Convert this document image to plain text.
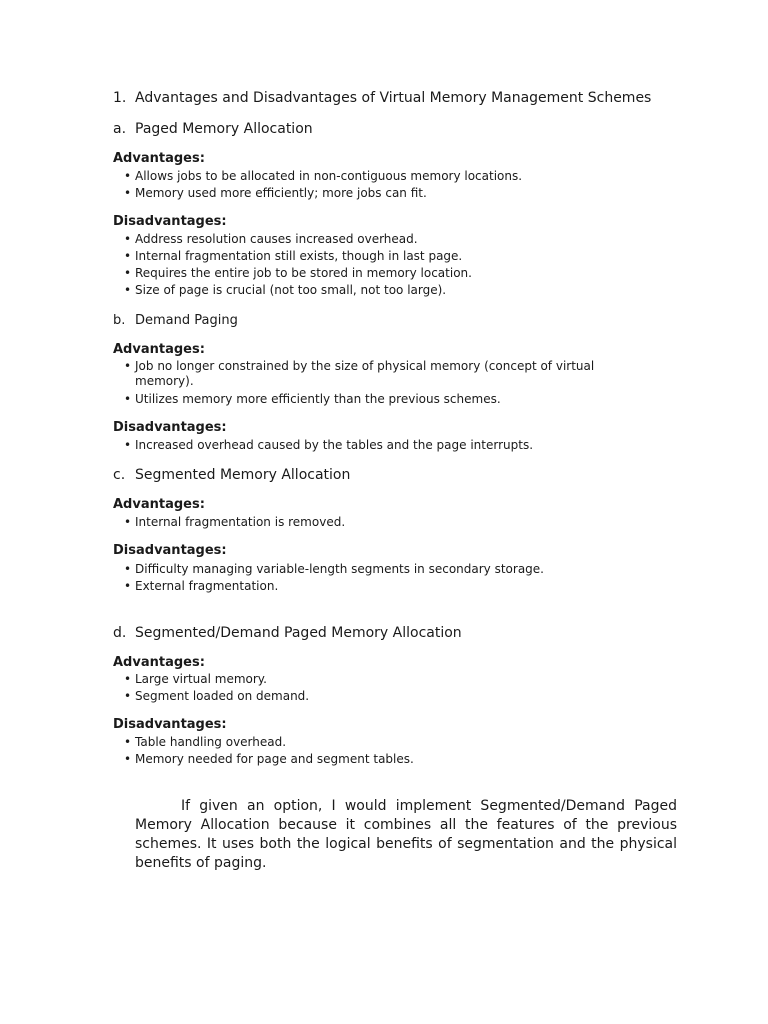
1. Advantages and Disadvantages of Virtual Memory Management Schemes
a. Paged Memory Allocation
Advantages:
• Allows jobs to be allocated in non-contiguous memory locations.
• Memory used more efficiently; more jobs can fit.
Disadvantages:
• Address resolution causes increased overhead.
• Internal fragmentation still exists, though in last page.
• Requires the entire job to be stored in memory location.
• Size of page is crucial (not too small, not too large).
b. Demand Paging
Advantages:
• Job no longer constrained by the size of physical memory (concept of virtual memory).
• Utilizes memory more efficiently than the previous schemes.
Disadvantages:
• Increased overhead caused by the tables and the page interrupts.
c. Segmented Memory Allocation
Advantages:
• Internal fragmentation is removed.
Disadvantages:
• Difficulty managing variable-length segments in secondary storage.
• External fragmentation.
d. Segmented/Demand Paged Memory Allocation
Advantages:
• Large virtual memory.
• Segment loaded on demand.
Disadvantages:
• Table handling overhead.
• Memory needed for page and segment tables.
If given an option, I would implement Segmented/Demand Paged Memory Allocation because it combines all the features of the previous schemes. It uses both the logical benefits of segmentation and the physical benefits of paging.
